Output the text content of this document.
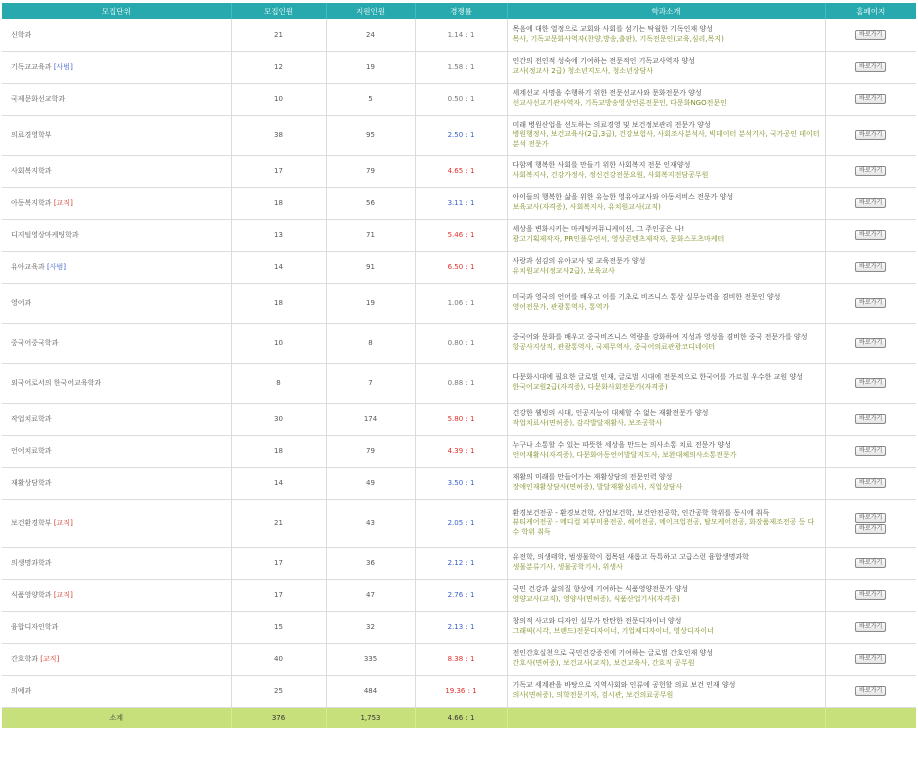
모집단위	모집인원	지원인원	경쟁률	학과소개	홈페이지
신학과	21	24	1.14 : 1	목음에 대한 열정으로 교회와 사회를 섬기는 탁월한 기독인재 양성
목사, 기독교문화사역자(찬양,방송,출판), 기독전문인(교육,심리,목지)	바로가기

기독교교육과 [사범]	12	19	1.58 : 1	인간의 전인적 성숙에 기여하는 전문적인 기독교사역자 양성
교사(정교사 2급) 청소년지도사, 청소년상담사	바로가기

국제문화선교학과	10	5	0.50 : 1	세계선교 사명을 수행하기 위한 전문선교사와 문화전문가 양성
선교사선교기관사역자, 기독교방송영상언론전문인, 다문화NGO전문인	바로가기

의료경영학부	38	95	2.50 : 1	미래 병원산업을 선도하는 의료경영 및 보건정보관리 전문가 양성
병원행정사, 보건교육사(2급,3급), 건강보험사, 사회조사분석사, 빅데이터 분석기사, 국가공인 데이터 분석 전문가	바로가기

사회복지학과	17	79	4.65 : 1	다함께 행복한 사회를 만들기 위한 사회복지 전문 인재양성
사회복지사, 건강가정사, 정신건강전문요원, 사회복지전담공무원	바로가기

아동복지학과 [교직]	18	56	3.11 : 1	아이들의 행복한 삶을 위한 유능한 영유아교사와 아동서비스 전문가 양성
보육교사(자격증), 사회복지사, 유치원교사(교직)	바로가기

디지털영상마케팅학과	13	71	5.46 : 1	세상을 변화시키는 마케팅커뮤니케이션, 그 주인공은 나!
광고기획제작자, PR인플루언서, 영상콘텐츠제작자, 문화스포츠마케터	바로가기

유아교육과 [사범]	14	91	6.50 : 1	사랑과 섬김의 유아교사 및 교육전문가 양성
유치원교사(정교사2급), 보육교사	바로가기

영어과	18	19	1.06 : 1	미국과 영국의 언어를 배우고 이를 기초로 비즈니스 통상 실무능력을 겸비한 전문인 양성
영어전문가, 관광통역사, 통역가	바로가기

중국어중국학과	10	8	0.80 : 1	중국어와 문화를 배우고 중국비즈니스 역량을 강화하여 지성과 영성을 겸비한 중국 전문가를 양성
항공사지상직, 관광통역사, 국제무역사, 중국어의료관광코디네이터	바로가기

외국어로서의 한국어교육학과	8	7	0.88 : 1	다문화시대에 필요한 글로벌 인재, 글로벌 시대에 전문적으로 한국어를 가르칠 우수한 교원 양성
한국어교원2급(자격증), 다문화사회전문가(자격증)	바로가기

작업치료학과	30	174	5.80 : 1	건강한 웰빙의 시대, 인공지능이 대체할 수 없는 재활전문가 양성
작업치료사(면허증), 감각발달재활사, 보조공학사	바로가기

언어치료학과	18	79	4.39 : 1	누구나 소통할 수 있는 따뜻한 세상을 만드는 의사소통 치료 전문가 양성
언어재활사(자격증), 다문화아동언어발달지도사, 보완대체의사소통전문가	바로가기

재활상담학과	14	49	3.50 : 1	재활의 미래를 만들어가는 재활상담의 전문인력 양성
장애인재활상담사(면허증), 발달재활심리사, 직업상담사	바로가기

보건환경학부 [교직]	21	43	2.05 : 1	환경보건전공 - 환경보건학, 산업보건학, 보건안전공학, 인간공학 학위를 동시에 취득
뷰티케어전공 - 메디컬 피부미용전공, 헤어전공, 메이크업전공, 탈모케어전공, 화장품제조전공 등 다수 학위 취득	바로가기
바로가기

의생명과학과	17	36	2.12 : 1	유전학, 의생태학, 범생물학이 접목된 새롭고 독특하고 고급스런 융합생명과학
생물분류기사, 생물공학기사, 위생사	바로가기

식품영양학과 [교직]	17	47	2.76 : 1	국민 건강과 삶의질 향상에 기여하는 식품영양전문가 양성
영양교사(교직), 영양사(면허증), 식품산업기사(자격증)	바로가기

융합디자인학과	15	32	2.13 : 1	창의적 사고와 디자인 실무가 탄탄한 전문디자이너 양성
그래픽(시각, 브랜드)전문디자이너, 기업체디자이너, 영상디자이너	바로가기

간호학과 [교직]	40	335	8.38 : 1	전인간호실천으로 국민건강증진에 기여하는 글로벌 간호인재 양성
간호사(면허증), 보건교사(교직), 보건교육사, 간호직 공무원	바로가기

의예과	25	484	19.36 : 1	기독교 세계관을 바탕으로 지역사회와 인류에 공헌할 의료 보건 인재 양성
의사(면허증), 의학전문기자, 검시관, 보건의료공무원	바로가기

소계	376	1,753	4.66 : 1		
